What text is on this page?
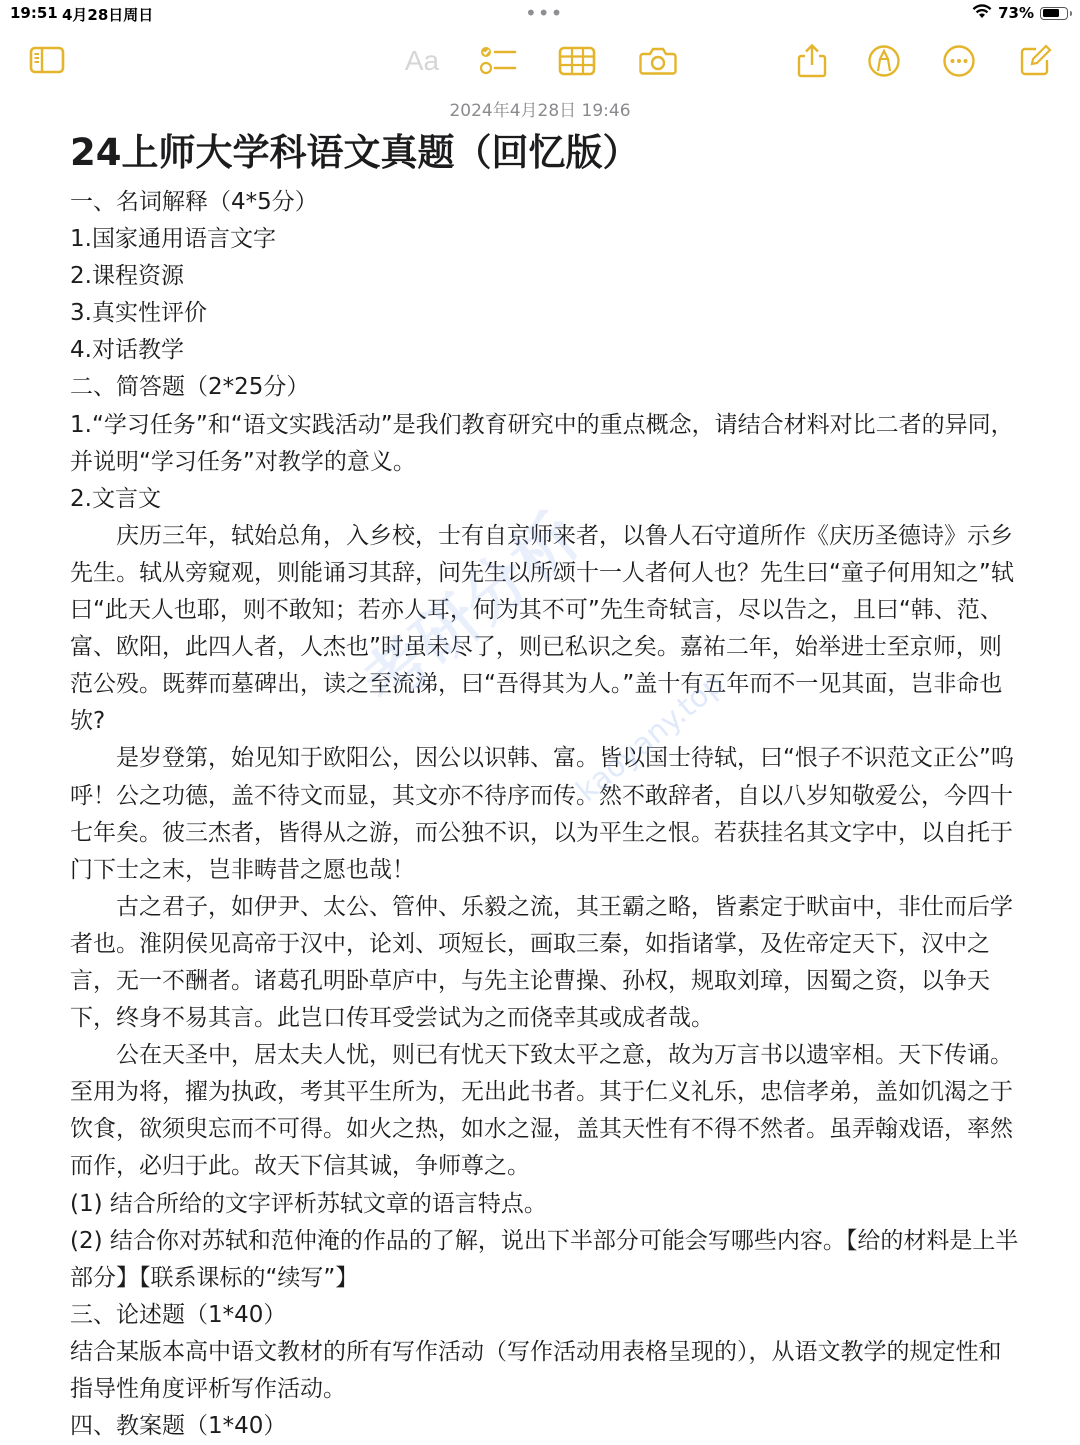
19:51 4月28日周日	•••	73%
Aa
2024年4月28日 19:46
24上师大学科语文真题（回忆版）

一、名词解释（4*5分）

1.国家通用语言文字

2.课程资源

3.真实性评价

4.对话教学

二、简答题（2*25分）

1.“学习任务”和“语文实践活动”是我们教育研究中的重点概念，请结合材料对比二者的异同，并说明“学习任务”对教学的意义。

2.文言文

庆历三年，轼始总角，入乡校，士有自京师来者，以鲁人石守道所作《庆历圣德诗》示乡先生。轼从旁窥观，则能诵习其辞，问先生以所颂十一人者何人也？先生曰“童子何用知之”轼曰“此天人也耶，则不敢知；若亦人耳，何为其不可”先生奇轼言，尽以告之，且曰“韩、范、富、欧阳，此四人者，人杰也”时虽未尽了，则已私识之矣。嘉祐二年，始举进士至京师，则范公殁。既葬而墓碑出，读之至流涕，曰“吾得其为人。”盖十有五年而不一见其面，岂非命也欤?

是岁登第，始见知于欧阳公，因公以识韩、富。皆以国士待轼，曰“恨子不识范文正公”呜呼！公之功德，盖不待文而显，其文亦不待序而传。然不敢辞者，自以八岁知敬爱公，今四十七年矣。彼三杰者，皆得从之游，而公独不识，以为平生之恨。若获挂名其文字中，以自托于门下士之末，岂非畴昔之愿也哉！

古之君子，如伊尹、太公、管仲、乐毅之流，其王霸之略，皆素定于畎亩中，非仕而后学者也。淮阴侯见高帝于汉中，论刘、项短长，画取三秦，如指诸掌，及佐帝定天下，汉中之言，无一不酬者。诸葛孔明卧草庐中，与先主论曹操、孙权，规取刘璋，因蜀之资，以争天下，终身不易其言。此岂口传耳受尝试为之而侥幸其或成者哉。

公在天圣中，居太夫人忧，则已有忧天下致太平之意，故为万言书以遗宰相。天下传诵。至用为将，擢为执政，考其平生所为，无出此书者。其于仁义礼乐，忠信孝弟，盖如饥渴之于饮食，欲须臾忘而不可得。如火之热，如水之湿，盖其天性有不得不然者。虽弄翰戏语，率然而作，必归于此。故天下信其诚，争师尊之。

(1) 结合所给的文字评析苏轼文章的语言特点。

(2) 结合你对苏轼和范仲淹的作品的了解，说出下半部分可能会写哪些内容。【给的材料是上半部分】【联系课标的“续写”】

三、论述题（1*40）

结合某版本高中语文教材的所有写作活动（写作活动用表格呈现的），从语文教学的规定性和指导性角度评析写作活动。

四、教案题（1*40）

考研分析
kaoyany.top
